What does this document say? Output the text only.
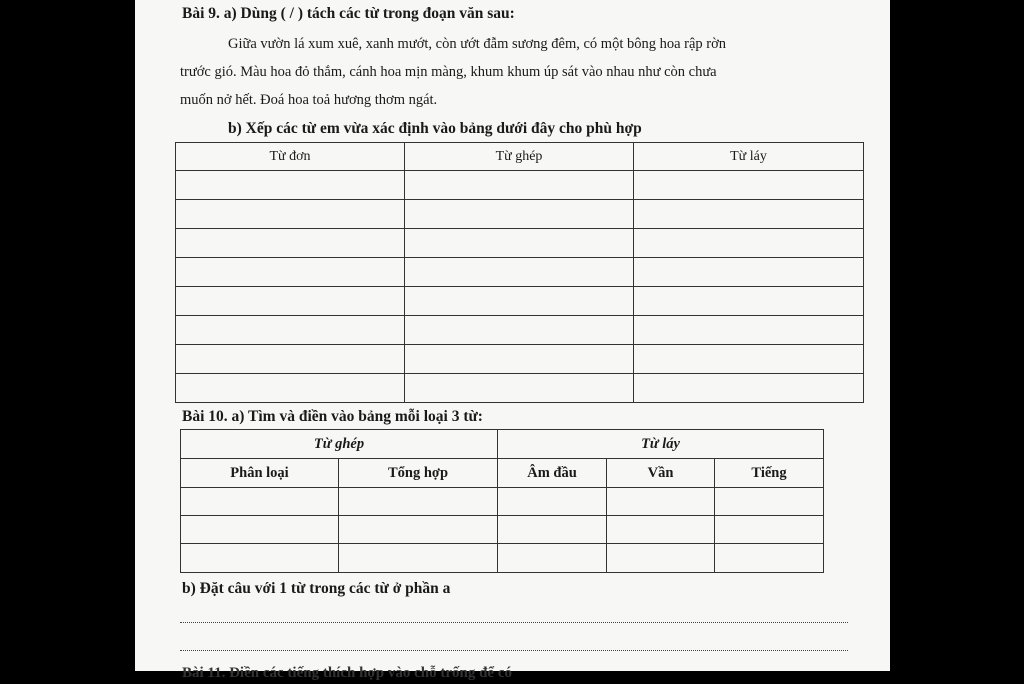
Bài 9. a) Dùng ( / ) tách các từ trong đoạn văn sau:
Giữa vườn lá xum xuê, xanh mướt, còn ướt đẫm sương đêm, có một bông hoa rập rờn
trước gió. Màu hoa đỏ thắm, cánh hoa mịn màng, khum khum úp sát vào nhau như còn chưa
muốn nở hết. Đoá hoa toả hương thơm ngát.
b) Xếp các từ em vừa xác định vào bảng dưới đây cho phù hợp
Từ đơn	Từ ghép	Từ láy

Bài 10. a) Tìm và điền vào bảng mỗi loại 3 từ:
Từ ghép		Từ láy		
Phân loại	Tổng hợp	Âm đầu	Vần	Tiếng

b) Đặt câu với 1 từ trong các từ ở phần a
Bài 11. Điền các tiếng thích hợp vào chỗ trống để có
